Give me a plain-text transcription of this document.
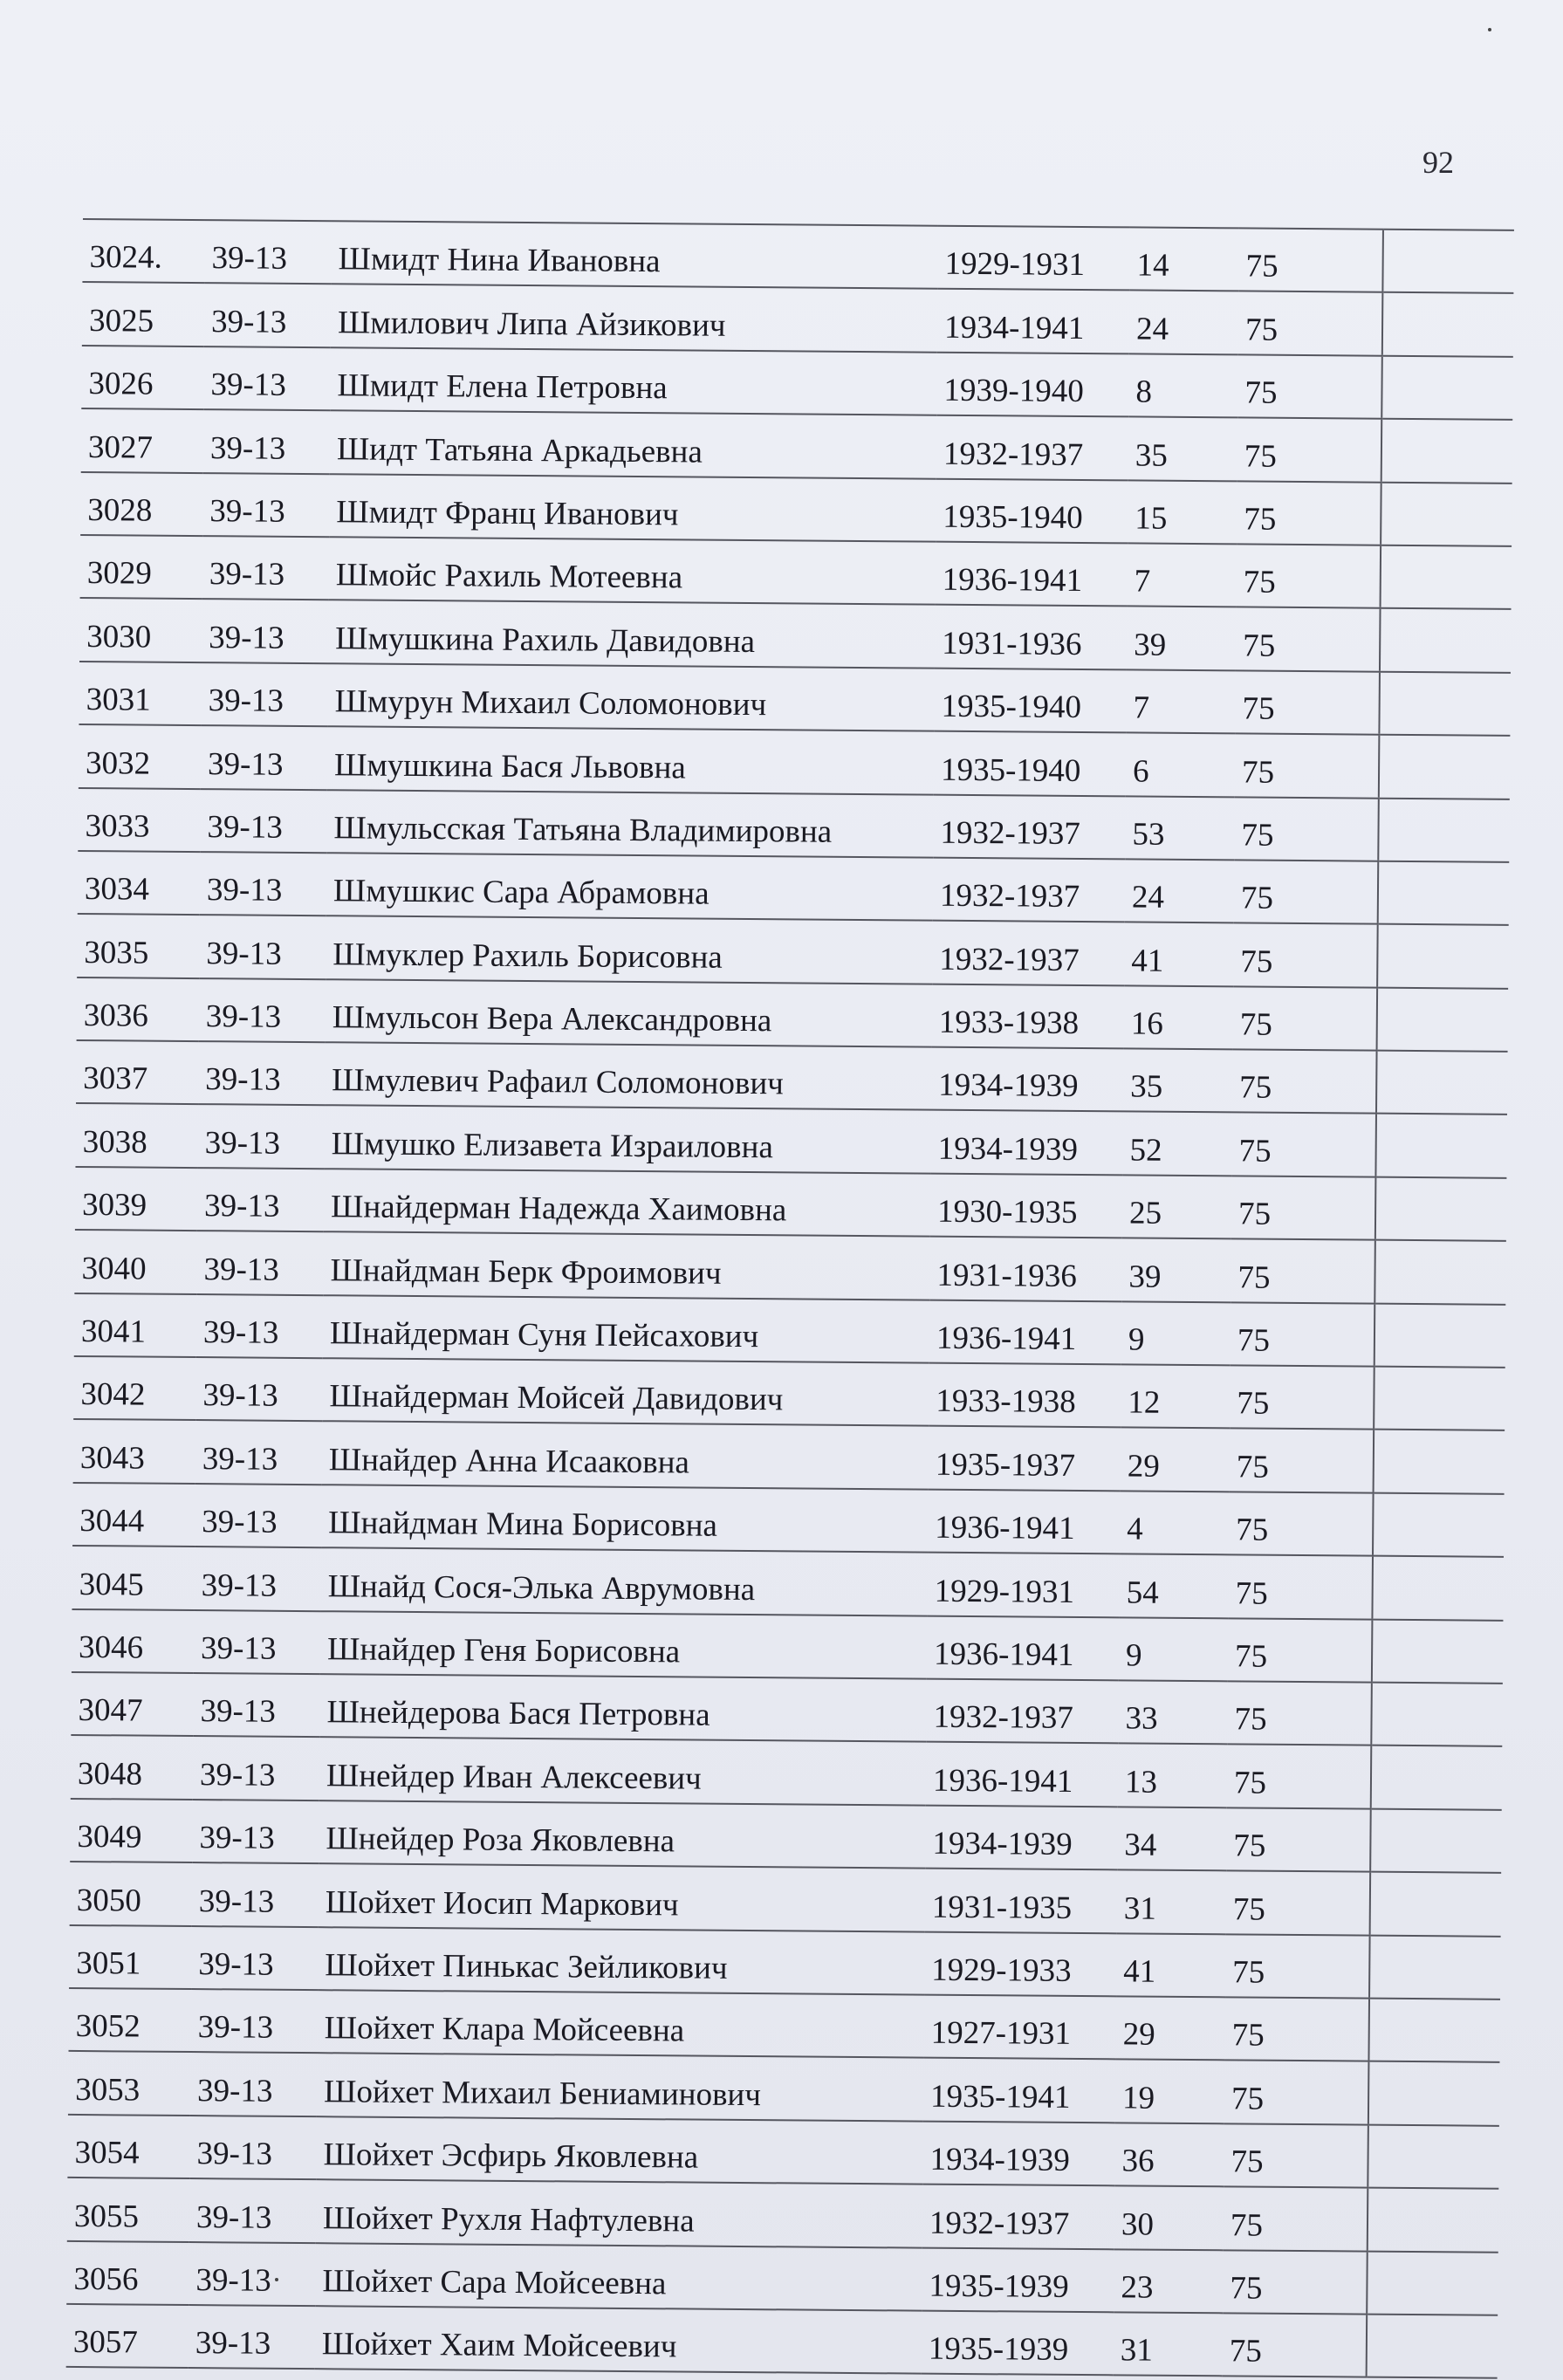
92
3024.	39-13	Шмидт Нина Ивановна	1929-1931	14	75	
3025	39-13	Шмилович Липа Айзикович	1934-1941	24	75	
3026	39-13	Шмидт Елена Петровна	1939-1940	8	75	
3027	39-13	Шидт Татьяна Аркадьевна	1932-1937	35	75	
3028	39-13	Шмидт Франц Иванович	1935-1940	15	75	
3029	39-13	Шмойс Рахиль Мотеевна	1936-1941	7	75	
3030	39-13	Шмушкина Рахиль Давидовна	1931-1936	39	75	
3031	39-13	Шмурун Михаил Соломонович	1935-1940	7	75	
3032	39-13	Шмушкина Бася Львовна	1935-1940	6	75	
3033	39-13	Шмульсская Татьяна Владимировна	1932-1937	53	75	
3034	39-13	Шмушкис Сара Абрамовна	1932-1937	24	75	
3035	39-13	Шмуклер Рахиль Борисовна	1932-1937	41	75	
3036	39-13	Шмульсон Вера Александровна	1933-1938	16	75	
3037	39-13	Шмулевич Рафаил Соломонович	1934-1939	35	75	
3038	39-13	Шмушко Елизавета Израиловна	1934-1939	52	75	
3039	39-13	Шнайдерман Надежда Хаимовна	1930-1935	25	75	
3040	39-13	Шнайдман Берк Фроимович	1931-1936	39	75	
3041	39-13	Шнайдерман Суня Пейсахович	1936-1941	9	75	
3042	39-13	Шнайдерман Мойсей Давидович	1933-1938	12	75	
3043	39-13	Шнайдер Анна Исааковна	1935-1937	29	75	
3044	39-13	Шнайдман Мина Борисовна	1936-1941	4	75	
3045	39-13	Шнайд Сося-Элька Аврумовна	1929-1931	54	75	
3046	39-13	Шнайдер Геня Борисовна	1936-1941	9	75	
3047	39-13	Шнейдерова Бася Петровна	1932-1937	33	75	
3048	39-13	Шнейдер Иван Алексеевич	1936-1941	13	75	
3049	39-13	Шнейдер Роза Яковлевна	1934-1939	34	75	
3050	39-13	Шойхет Иосип Маркович	1931-1935	31	75	
3051	39-13	Шойхет Пинькас Зейликович	1929-1933	41	75	
3052	39-13	Шойхет Клара Мойсеевна	1927-1931	29	75	
3053	39-13	Шойхет Михаил Бениаминович	1935-1941	19	75	
3054	39-13	Шойхет Эсфирь Яковлевна	1934-1939	36	75	
3055	39-13	Шойхет Рухля Нафтулевна	1932-1937	30	75	
3056	39-13	Шойхет Сара Мойсеевна	1935-1939	23	75	
3057	39-13	Шойхет Хаим Мойсеевич	1935-1939	31	75	
